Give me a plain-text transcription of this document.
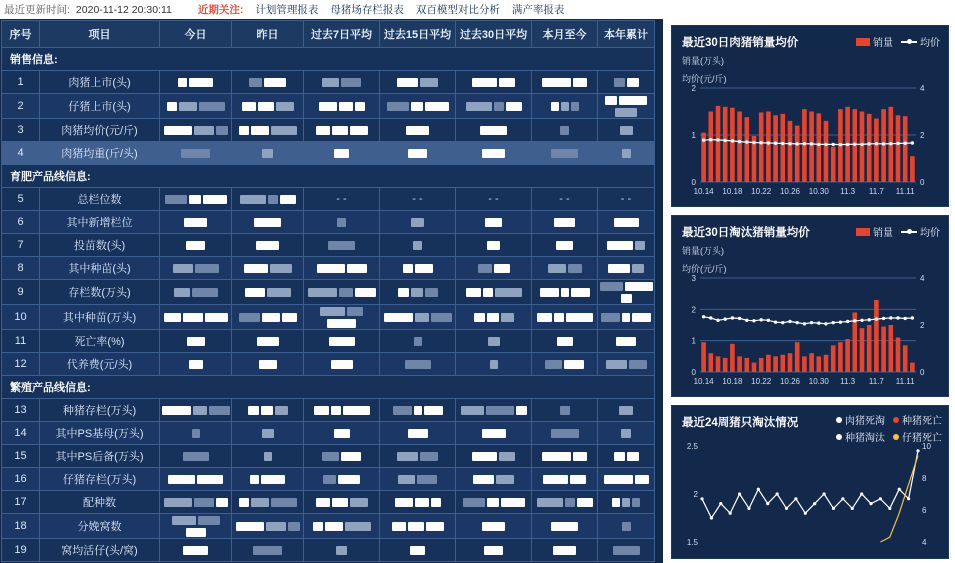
最近更新时间: 2020-11-12 20:30:11 近期关注: 计划管理报表 母猪场存栏报表 双百模型对比分析 满产率报表
序号	项目	今日	昨日	过去7日平均	过去15日平均	过去30日平均	本月至今	本年累计
销售信息:								
1	肉猪上市(头)							
2	仔猪上市(头)							
3	肉猪均价(元/斤)							
4	肉猪均重(斤/头)							
育肥产品线信息:								
5	总栏位数			- -	- -	- -	- -	- -
6	其中新增栏位							
7	投苗数(头)							
8	其中种苗(头)							
9	存栏数(万头)							
10	其中种苗(万头)							
11	死亡率(%)							
12	代养费(元/头)							
繁殖产品线信息:								
13	种猪存栏(万头)							
14	其中PS基母(万头)							
15	其中PS后备(万头)							
16	仔猪存栏(万头)							
17	配种数							
18	分娩窝数							
19	窝均活仔(头/窝)							
最近30日肉猪销量均价	销量	均价
销量(万头)
均价(元/斤)
0
1
2
0
2
4
10.14 10.18 10.22 10.26 10.30 11.3 11.7 11.11
最近30日淘汰猪销量均价	销量	均价
销量(万头)
均价(元/斤)
0
1
2
3
0
2
4
10.14 10.18 10.22 10.26 10.30 11.3 11.7 11.11
最近24周猪只淘汰情况	肉猪死淘 种猪死亡
种猪淘汰 仔猪死亡
1.5
2
2.5
4
6
8
10
